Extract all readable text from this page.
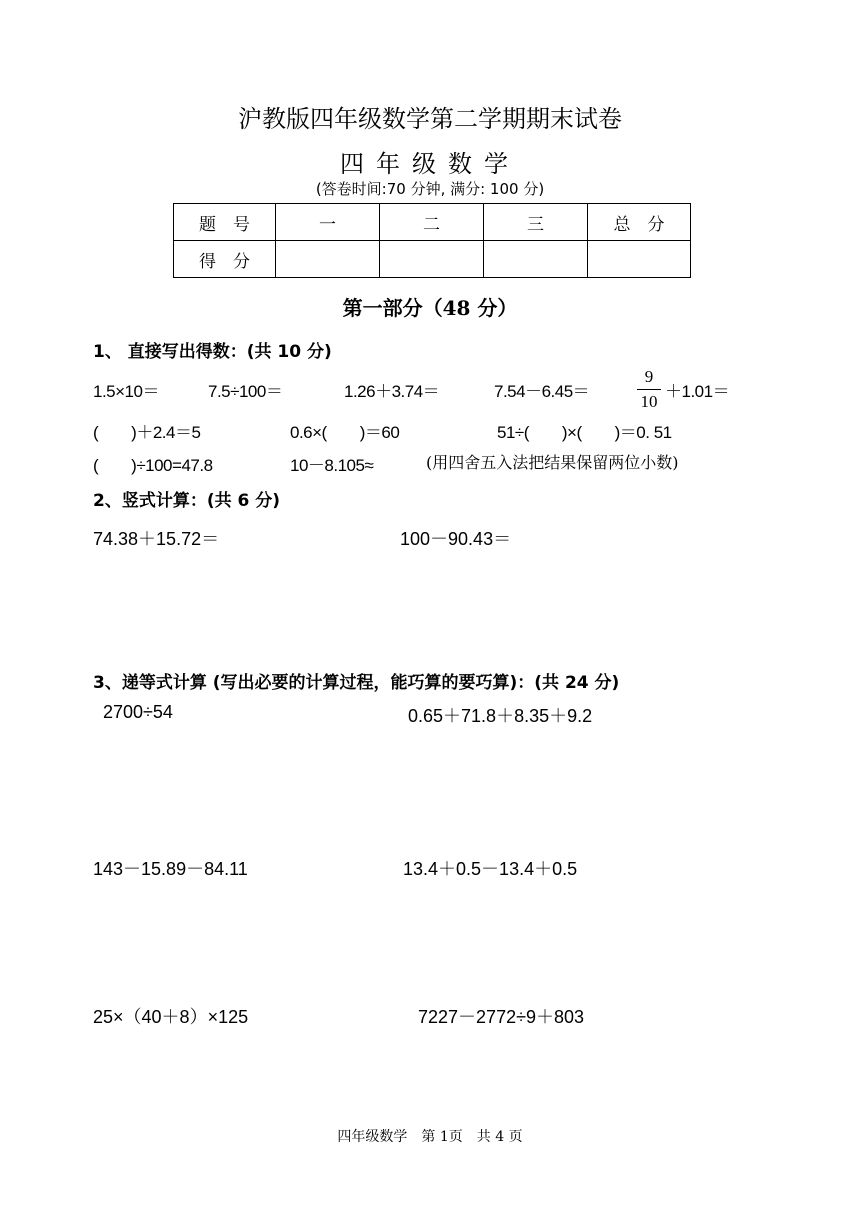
沪教版四年级数学第二学期期末试卷
四年级数学
(答卷时间:70 分钟, 满分: 100 分)
题　号	一	二	三	总　分
得　分				
第一部分（48 分）
1、 直接写出得数：(共 10 分)
1.5×10＝	7.5÷100＝	1.26＋3.74＝	7.54－6.45＝
9
10
＋1.01＝
(　　)＋2.4＝5	0.6×(　　)＝60	51÷(　　)×(　　)＝0. 51
(　　)÷100=47.8	10－8.105≈	(用四舍五入法把结果保留两位小数)
2、竖式计算：(共 6 分)
74.38＋15.72＝	100－90.43＝
3、递等式计算 (写出必要的计算过程，能巧算的要巧算)：(共 24 分)
2700÷54	0.65＋71.8＋8.35＋9.2
143－15.89－84.11	13.4＋0.5－13.4＋0.5
25×（40＋8）×125	7227－2772÷9＋803
四年级数学　第 1页　共 4 页
